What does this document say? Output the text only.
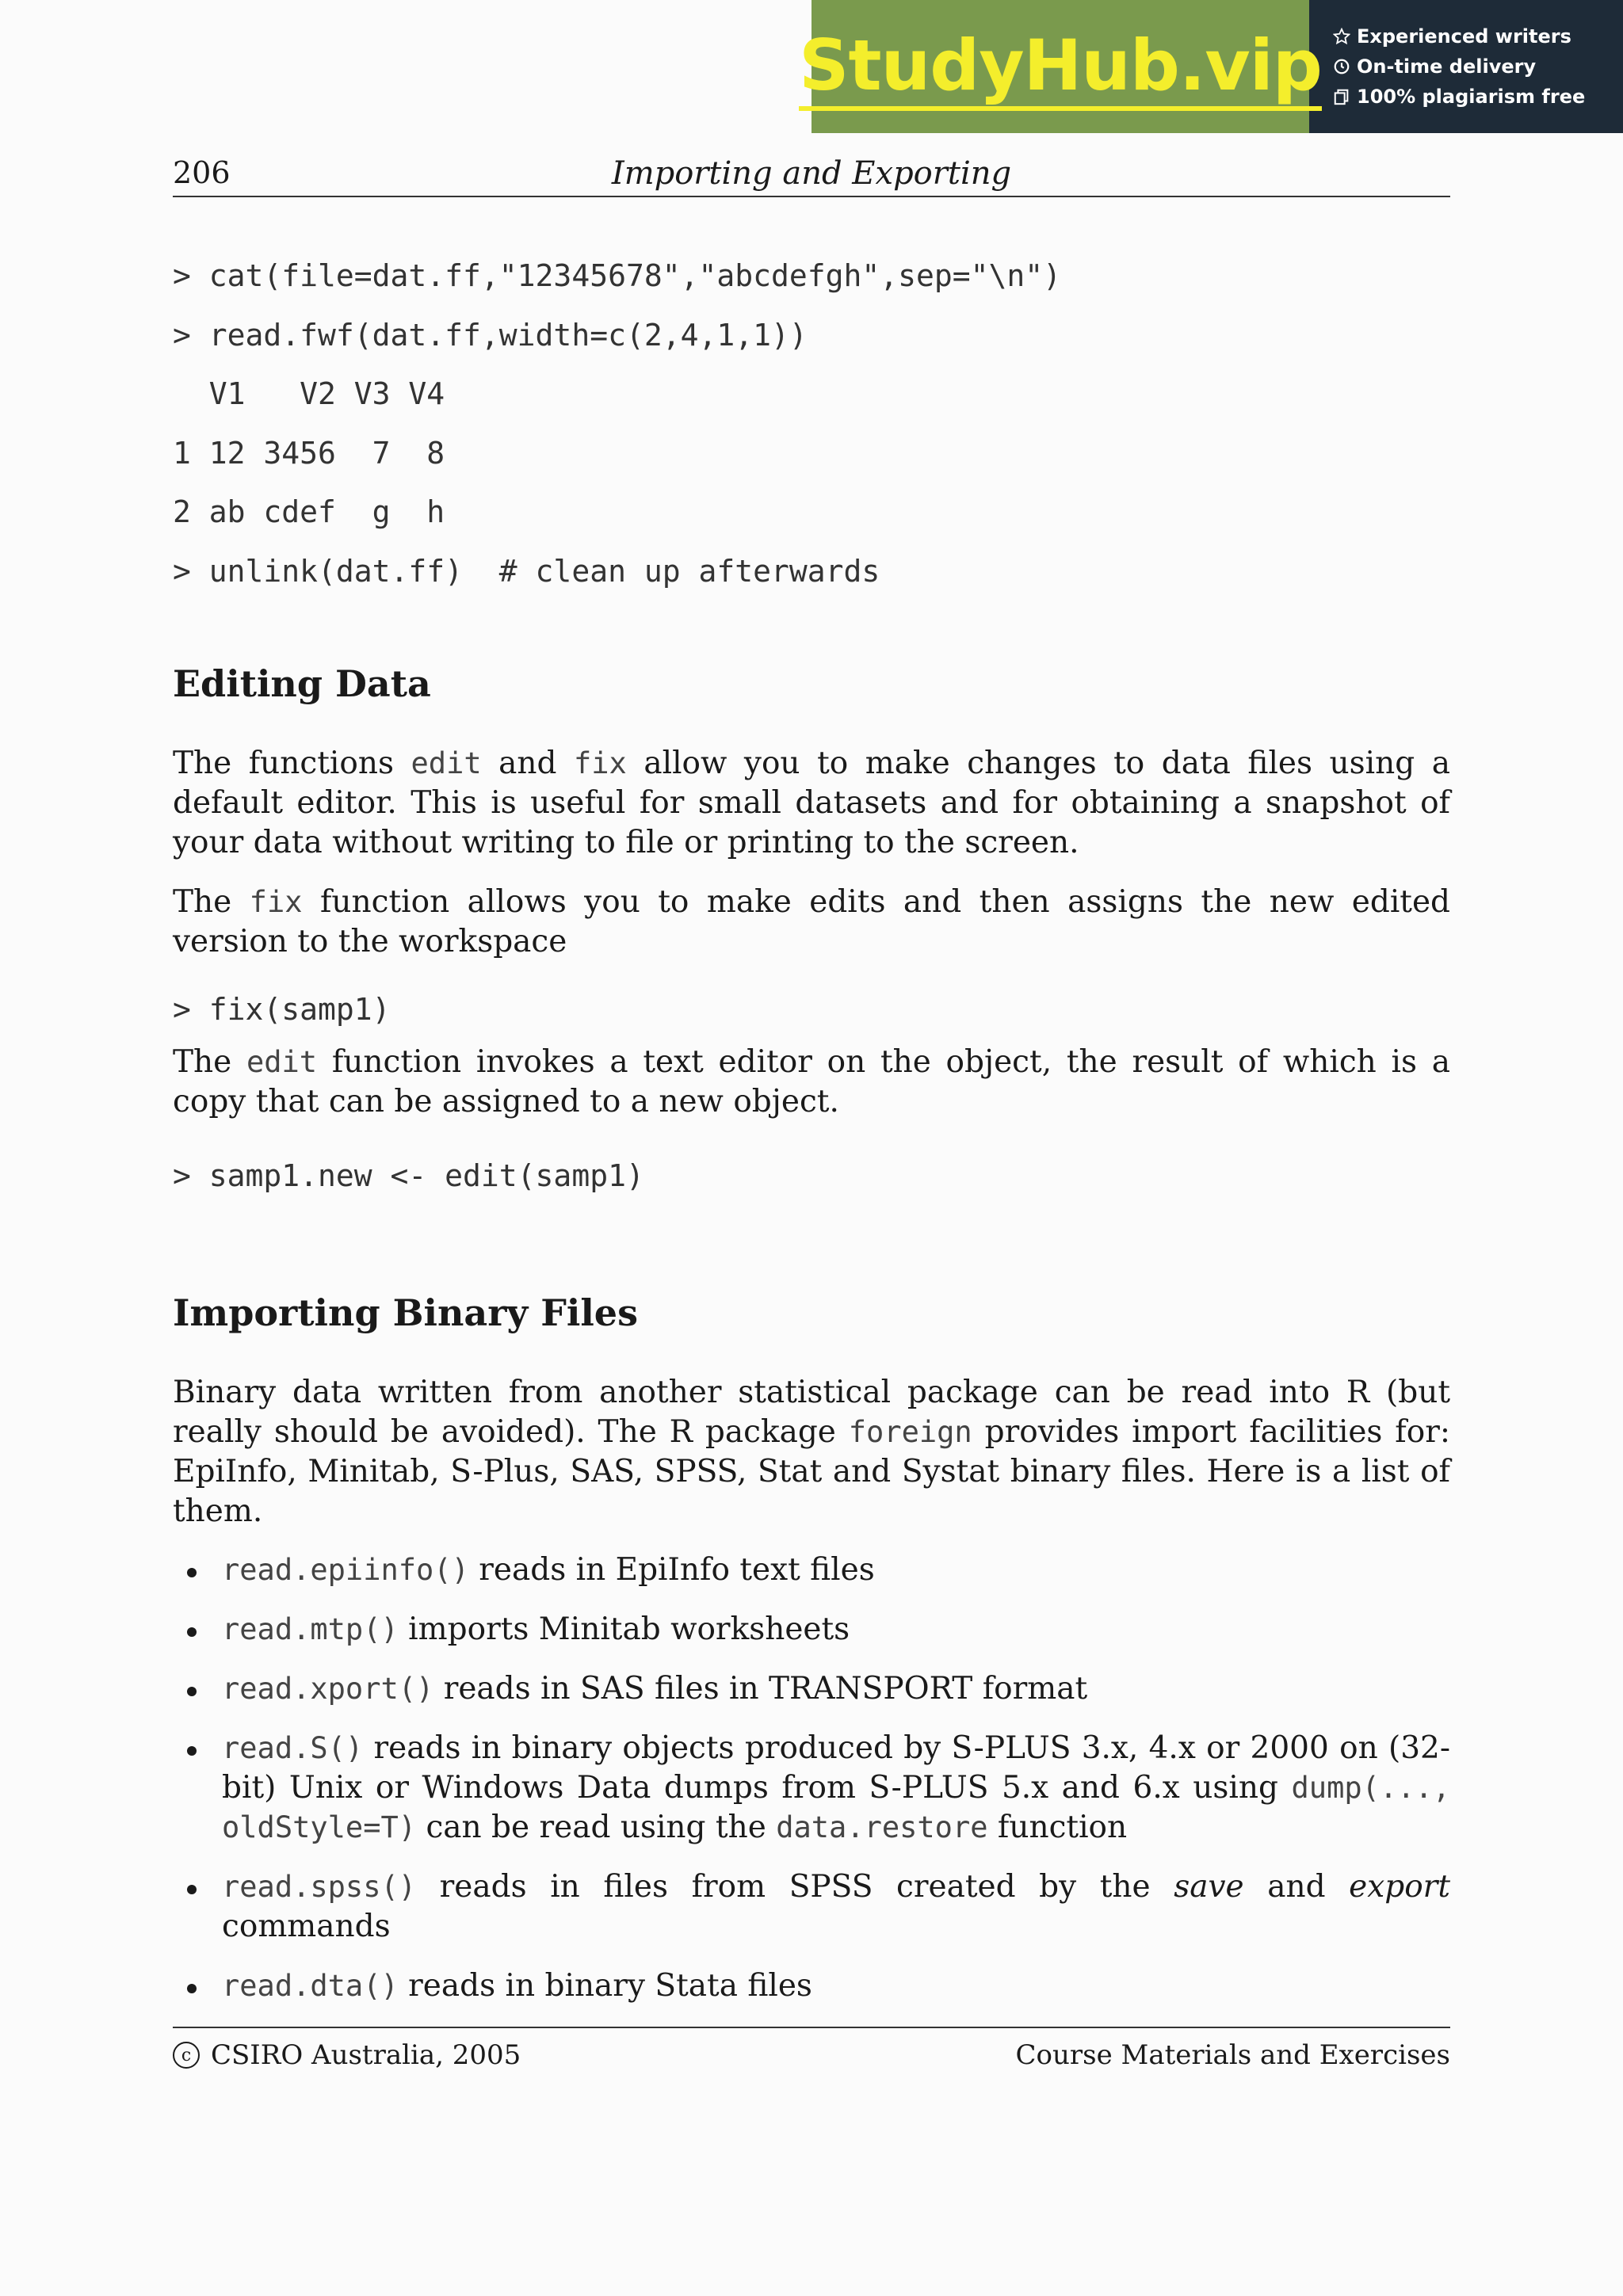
StudyHub.vip Experienced writers
On-time delivery
100% plagiarism free
206	Importing and Exporting
> cat(file=dat.ff,"12345678","abcdefgh",sep="\n")
> read.fwf(dat.ff,width=c(2,4,1,1))
V1   V2 V3 V4
1 12 3456  7  8
2 ab cdef  g  h
> unlink(dat.ff)  # clean up afterwards
Editing Data

The functions edit and fix allow you to make changes to data files using a default editor. This is useful for small datasets and for obtaining a snapshot of your data without writing to file or printing to the screen.

The fix function allows you to make edits and then assigns the new edited version to the workspace

> fix(samp1)

The edit function invokes a text editor on the object, the result of which is a copy that can be assigned to a new object.

> samp1.new <- edit(samp1)
Importing Binary Files

Binary data written from another statistical package can be read into R (but really should be avoided). The R package foreign provides import facilities for: EpiInfo, Minitab, S-Plus, SAS, SPSS, Stat and Systat binary files. Here is a list of them.

read.epiinfo() reads in EpiInfo text files
read.mtp() imports Minitab worksheets
read.xport() reads in SAS files in TRANSPORT format
read.S() reads in binary objects produced by S-PLUS 3.x, 4.x or 2000 on (32-bit) Unix or Windows Data dumps from S-PLUS 5.x and 6.x using dump(..., oldStyle=T) can be read using the data.restore function
read.spss() reads in files from SPSS created by the save and export commands
read.dta() reads in binary Stata files
c CSIRO Australia, 2005	Course Materials and Exercises
